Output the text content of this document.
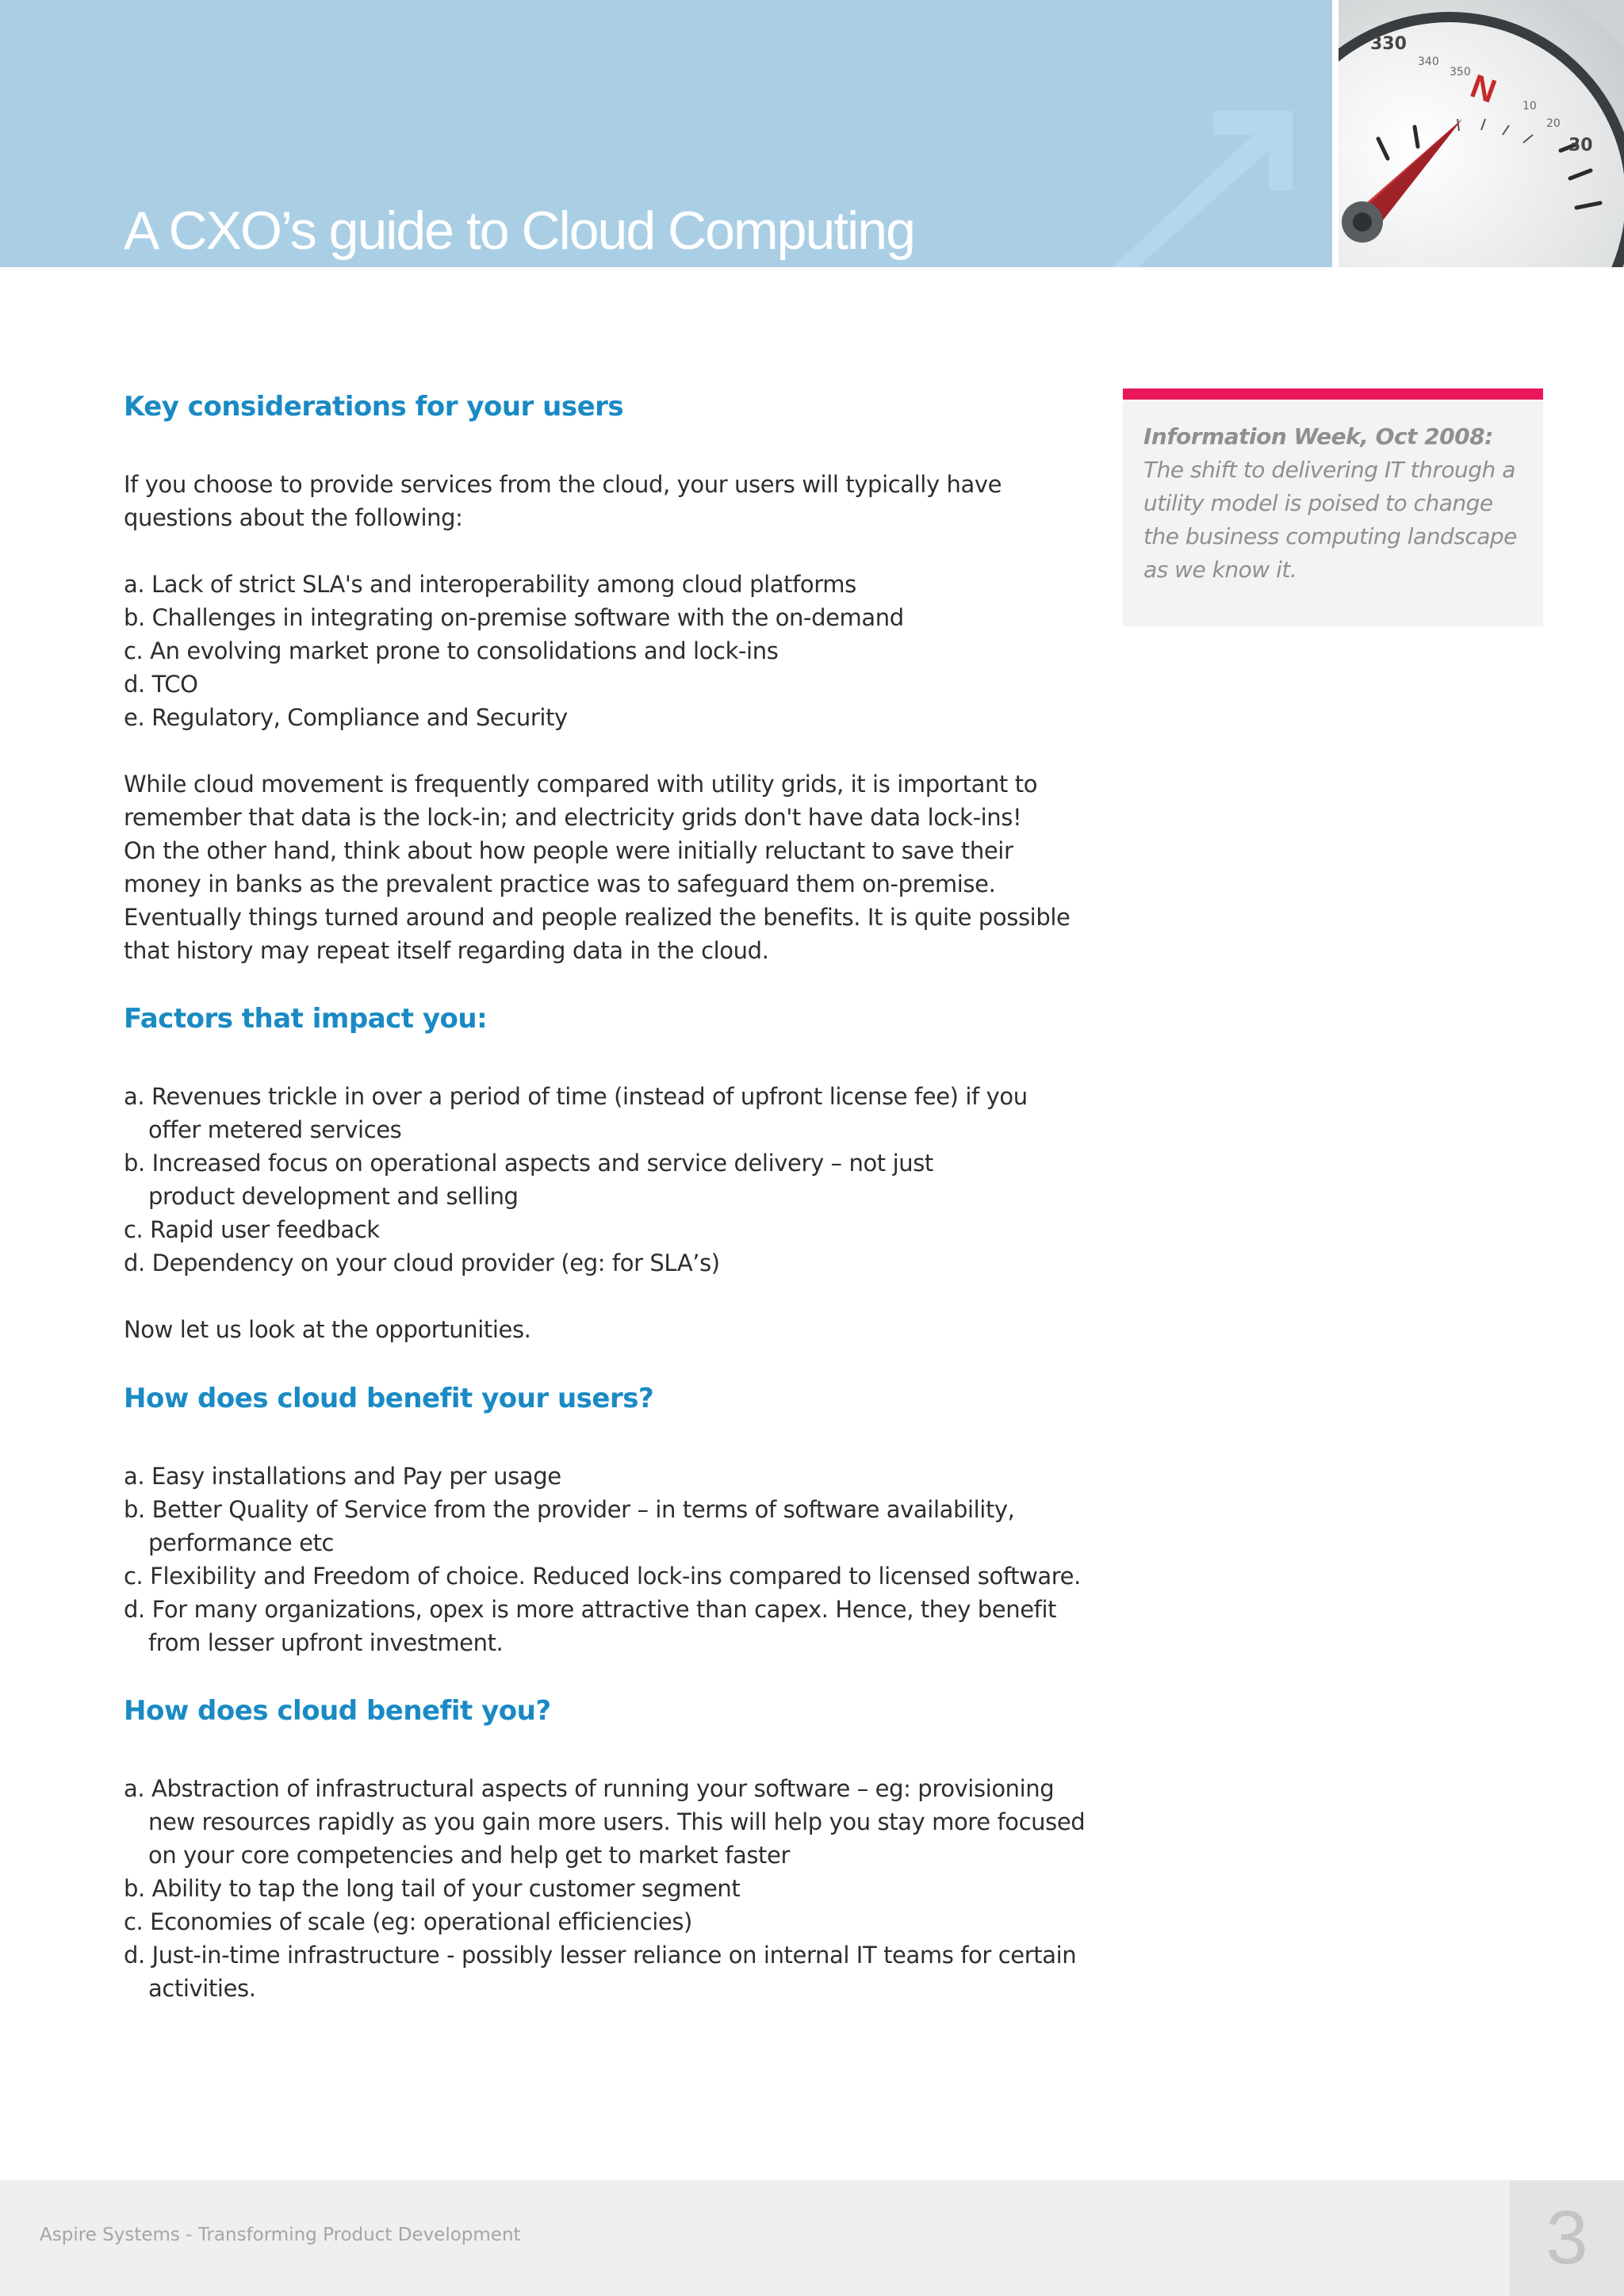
A CXO’s guide to Cloud Computing
330
340
350
N 10
20
30
Key considerations for your users
If you choose to provide services from the cloud, your users will typically have
questions about the following:
a. Lack of strict SLA's and interoperability among cloud platforms
b. Challenges in integrating on-premise software with the on-demand
c. An evolving market prone to consolidations and lock-ins
d. TCO
e. Regulatory, Compliance and Security
While cloud movement is frequently compared with utility grids, it is important to
remember that data is the lock-in; and electricity grids don't have data lock-ins!
On the other hand, think about how people were initially reluctant to save their
money in banks as the prevalent practice was to safeguard them on-premise.
Eventually things turned around and people realized the benefits. It is quite possible
that history may repeat itself regarding data in the cloud.
Factors that impact you:
a. Revenues trickle in over a period of time (instead of upfront license fee) if you
offer metered services
b. Increased focus on operational aspects and service delivery – not just
product development and selling
c. Rapid user feedback
d. Dependency on your cloud provider (eg: for SLA’s)
Now let us look at the opportunities.
How does cloud benefit your users?
a. Easy installations and Pay per usage
b. Better Quality of Service from the provider – in terms of software availability,
performance etc
c. Flexibility and Freedom of choice. Reduced lock-ins compared to licensed software.
d. For many organizations, opex is more attractive than capex. Hence, they benefit
from lesser upfront investment.
How does cloud benefit you?
a. Abstraction of infrastructural aspects of running your software – eg: provisioning
new resources rapidly as you gain more users. This will help you stay more focused
on your core competencies and help get to market faster
b. Ability to tap the long tail of your customer segment
c. Economies of scale (eg: operational efficiencies)
d. Just-in-time infrastructure - possibly lesser reliance on internal IT teams for certain
activities.
Information Week, Oct 2008: The shift to delivering IT through a utility model is poised to change the business computing landscape as we know it.
Aspire Systems - Transforming Product Development	3
